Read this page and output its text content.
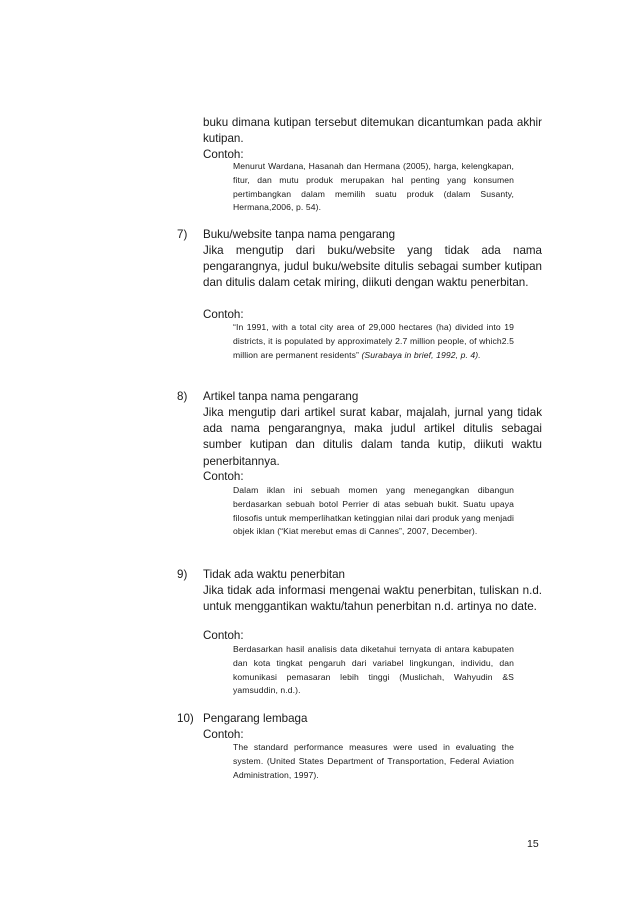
buku dimana kutipan tersebut ditemukan dicantumkan pada akhir kutipan.
Contoh:
Menurut Wardana, Hasanah dan Hermana (2005), harga, kelengkapan, fitur, dan mutu produk merupakan hal penting yang konsumen pertimbangkan dalam memilih suatu produk (dalam Susanty, Hermana,2006, p. 54).
7) Buku/website tanpa nama pengarang
Jika mengutip dari buku/website yang tidak ada nama pengarangnya, judul buku/website ditulis sebagai sumber kutipan dan ditulis dalam cetak miring, diikuti dengan waktu penerbitan.
Contoh:
“In 1991, with a total city area of 29,000 hectares (ha) divided into 19 districts, it is populated by approximately 2.7 million people, of which2.5 million are permanent residents” (Surabaya in brief, 1992, p. 4).
8) Artikel tanpa nama pengarang
Jika mengutip dari artikel surat kabar, majalah, jurnal yang tidak ada nama pengarangnya, maka judul artikel ditulis sebagai sumber kutipan dan ditulis dalam tanda kutip, diikuti waktu penerbitannya.
Contoh:
Dalam iklan ini sebuah momen yang menegangkan dibangun berdasarkan sebuah botol Perrier di atas sebuah bukit. Suatu upaya filosofis untuk memperlihatkan ketinggian nilai dari produk yang menjadi objek iklan (“Kiat merebut emas di Cannes”, 2007, December).
9) Tidak ada waktu penerbitan
Jika tidak ada informasi mengenai waktu penerbitan, tuliskan n.d. untuk menggantikan waktu/tahun penerbitan n.d. artinya no date.
Contoh:
Berdasarkan hasil analisis data diketahui ternyata di antara kabupaten dan kota tingkat pengaruh dari variabel lingkungan, individu, dan komunikasi pemasaran lebih tinggi (Muslichah, Wahyudin &S yamsuddin, n.d.).
10) Pengarang lembaga
Contoh:
The standard performance measures were used in evaluating the system. (United States Department of Transportation, Federal Aviation Administration, 1997).
15
